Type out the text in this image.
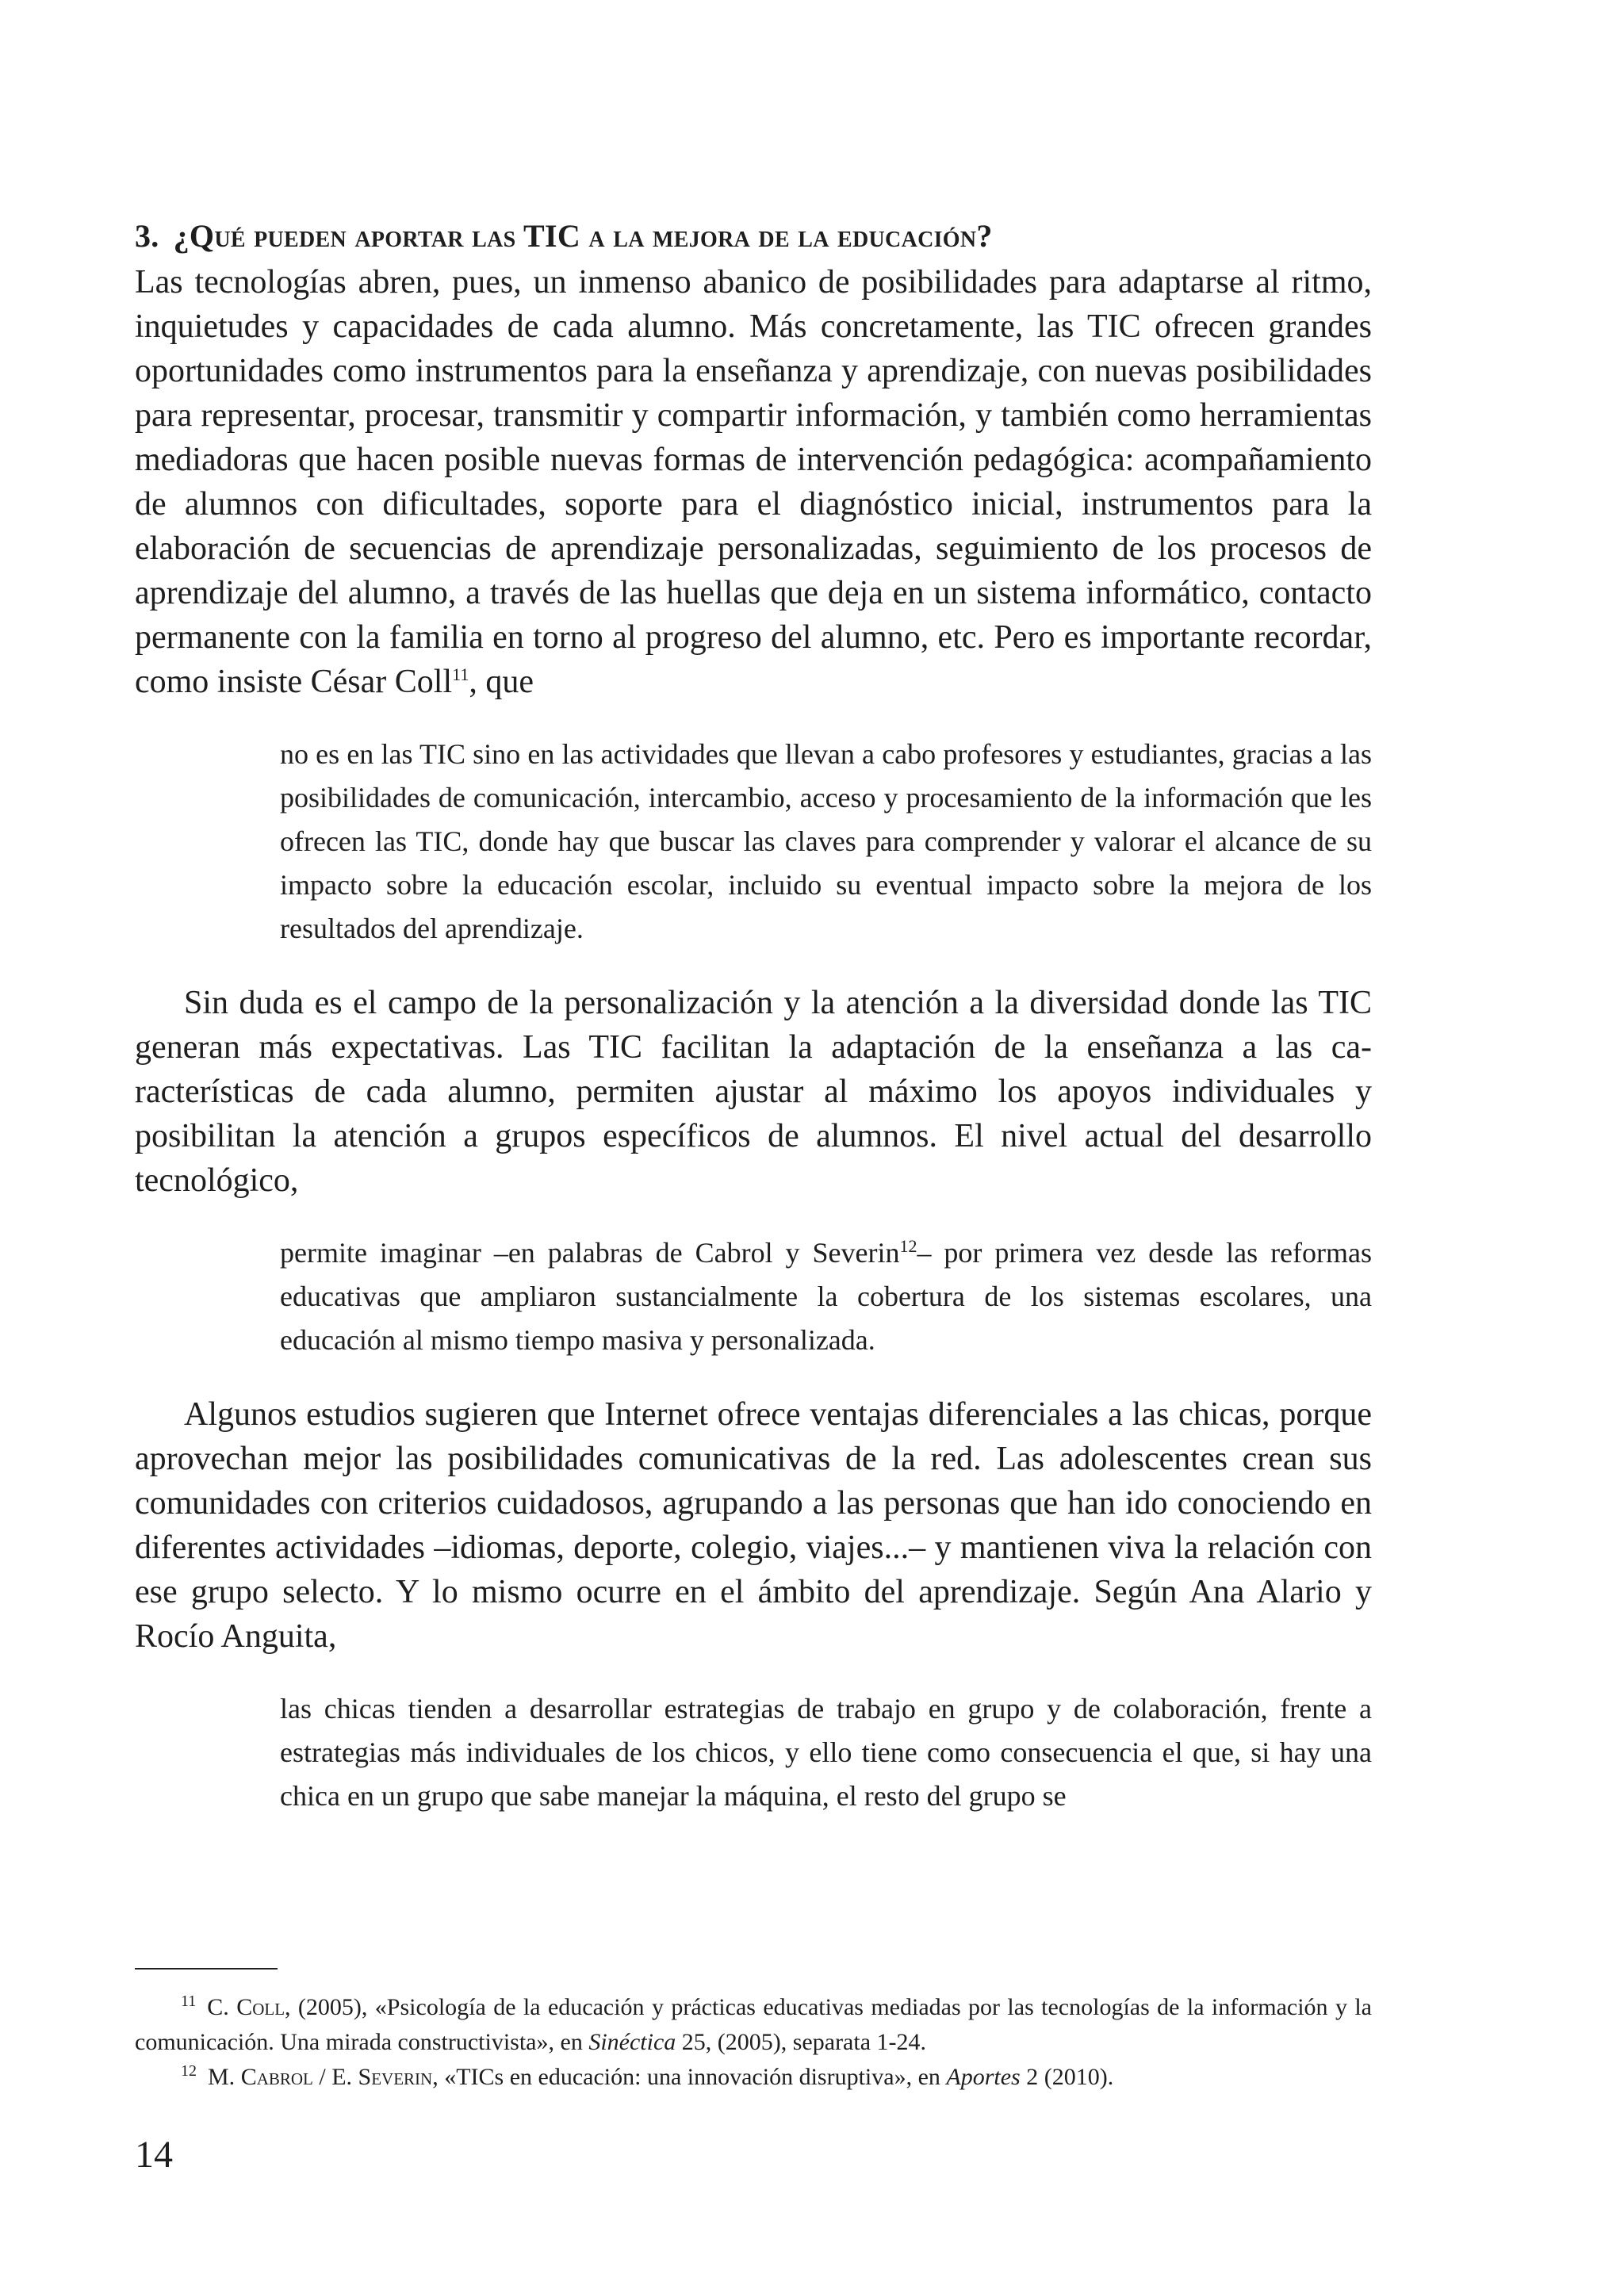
3. ¿Qué pueden aportar las TIC a la mejora de la educación?

Las tecnologías abren, pues, un inmenso abanico de posibilidades para adaptarse al ritmo, inquietudes y capacidades de cada alumno. Más concretamente, las TIC ofrecen grandes oportunidades como instrumentos para la enseñanza y aprendizaje, con nuevas posibilidades para representar, procesar, transmitir y compartir información, y también como herramientas mediadoras que hacen posible nuevas formas de intervención pedagógica: acompañamiento de alumnos con dificultades, soporte para el diagnóstico inicial, instrumentos para la elaboración de secuencias de aprendizaje personalizadas, seguimiento de los procesos de aprendizaje del alumno, a través de las huellas que deja en un sistema informático, contacto permanente con la familia en torno al progreso del alumno, etc. Pero es importante recordar, como insiste César Coll$^{11}$, que

no es en las TIC sino en las actividades que llevan a cabo profesores y estudiantes, gracias a las posibilidades de comunicación, intercambio, acceso y procesamiento de la información que les ofrecen las TIC, donde hay que buscar las claves para comprender y valorar el alcance de su impacto sobre la educación escolar, incluido su eventual impacto sobre la mejora de los resultados del aprendizaje.

Sin duda es el campo de la personalización y la atención a la diversidad donde las TIC generan más expectativas. Las TIC facilitan la adaptación de la enseñanza a las características de cada alumno, permiten ajustar al máximo los apoyos individuales y posibilitan la atención a grupos específicos de alumnos. El nivel actual del desarrollo tecnológico,

permite imaginar –en palabras de Cabrol y Severin$^{12}$– por primera vez desde las reformas educativas que ampliaron sustancialmente la cobertura de los sistemas escolares, una educación al mismo tiempo masiva y personalizada.

Algunos estudios sugieren que Internet ofrece ventajas diferenciales a las chicas, porque aprovechan mejor las posibilidades comunicativas de la red. Las adolescentes crean sus comunidades con criterios cuidadosos, agrupando a las personas que han ido conociendo en diferentes actividades –idiomas, deporte, colegio, viajes...– y mantienen viva la relación con ese grupo selecto. Y lo mismo ocurre en el ámbito del aprendizaje. Según Ana Alario y Rocío Anguita,

las chicas tienden a desarrollar estrategias de trabajo en grupo y de colaboración, frente a estrategias más individuales de los chicos, y ello tiene como consecuencia el que, si hay una chica en un grupo que sabe manejar la máquina, el resto del grupo se

$^{11}$ C. Coll, (2005), «Psicología de la educación y prácticas educativas mediadas por las tecnologías de la información y la comunicación. Una mirada constructivista», en Sinéctica 25, (2005), separata 1-24.

$^{12}$ M. Cabrol / E. Severin, «TICs en educación: una innovación disruptiva», en Aportes 2 (2010).

14
